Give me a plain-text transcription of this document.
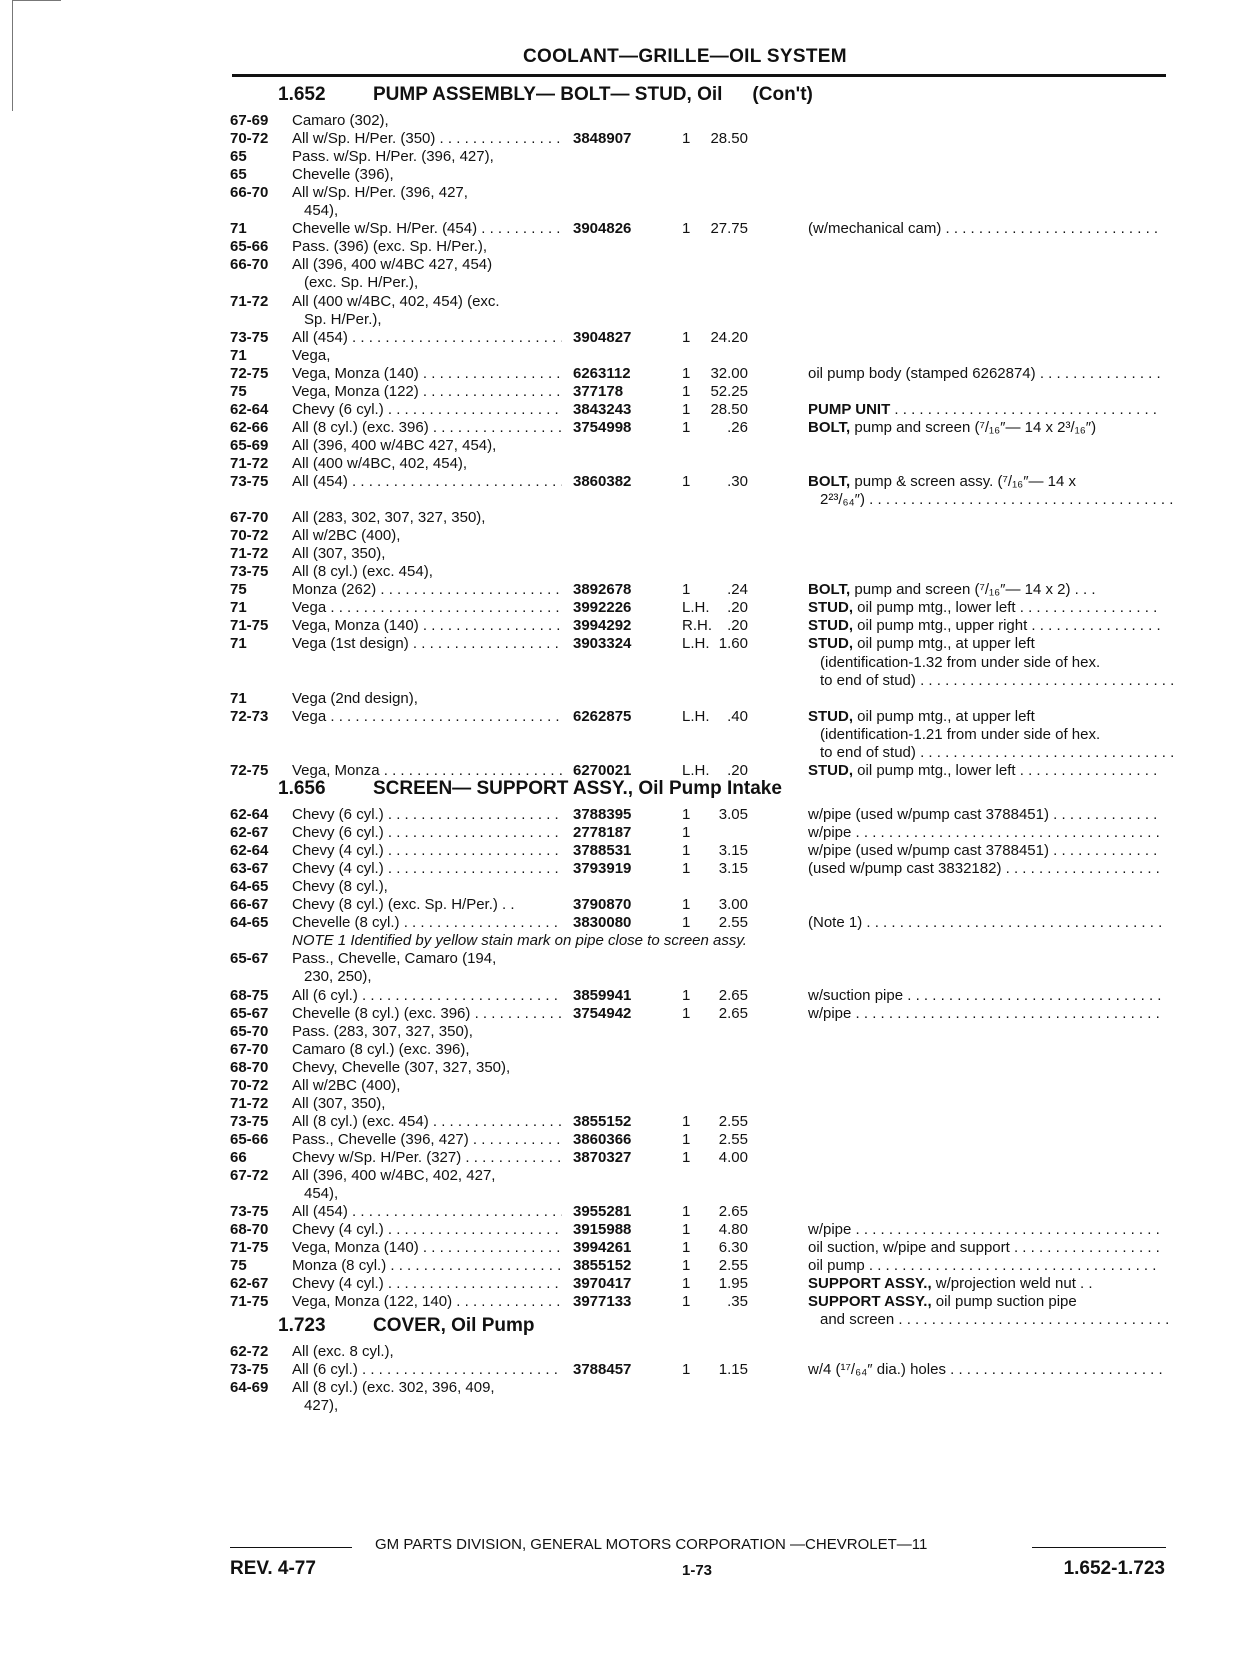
COOLANT—GRILLE—OIL SYSTEM
1.652 PUMP ASSEMBLY— BOLT— STUD, Oil (Con't)
67-69 Camaro (302),
70-72 All w/Sp. H/Per. (350) . . .	3848907	1 28.50
65	Pass. w/Sp. H/Per. (396, 427),
65	Chevelle (396),
66-70 All w/Sp. H/Per. (396, 427,
454),
71	Chevelle w/Sp. H/Per. (454) . . .	3904826	1 27.75	(w/mechanical cam) . . .
65-66 Pass. (396) (exc. Sp. H/Per.),
66-70 All (396, 400 w/4BC 427, 454)
(exc. Sp. H/Per.),
71-72 All (400 w/4BC, 402, 454) (exc.
Sp. H/Per.),
73-75 All (454) . . .	3904827	1 24.20
71	Vega,
72-75 Vega, Monza (140) . . .	6263112	1 32.00	oil pump body (stamped 6262874) . . .
75	Vega, Monza (122) . . .	377178	1 52.25
62-64 Chevy (6 cyl.) . . .	3843243	1 28.50	PUMP UNIT . . .
62-66 All (8 cyl.) (exc. 396) . . .	3754998	1 .26	BOLT, pump and screen (⁷/₁₆″— 14 x 2³/₁₆″)
65-69 All (396, 400 w/4BC 427, 454),
71-72 All (400 w/4BC, 402, 454),
73-75 All (454) . . .	3860382	1 .30	BOLT, pump & screen assy. (⁷/₁₆″— 14 x
2²³/₆₄″) . . .
67-70 All (283, 302, 307, 327, 350),
70-72 All w/2BC (400),
71-72 All (307, 350),
73-75 All (8 cyl.) (exc. 454),
75	Monza (262) . . .	3892678	1 .24	BOLT, pump and screen (⁷/₁₆″— 14 x 2) . . .
71	Vega . . .	3992226	L.H. .20	STUD, oil pump mtg., lower left . . .
71-75 Vega, Monza (140) . . .	3994292	R.H. .20	STUD, oil pump mtg., upper right . . .
71	Vega (1st design) . . .	3903324	L.H. 1.60	STUD, oil pump mtg., at upper left
(identification-1.32 from under side of hex.
to end of stud) . . .
71	Vega (2nd design),
72-73 Vega . . .	6262875	L.H. .40	STUD, oil pump mtg., at upper left
(identification-1.21 from under side of hex.
to end of stud) . . .
72-75 Vega, Monza . . .	6270021	L.H. .20	STUD, oil pump mtg., lower left . . .
1.656 SCREEN— SUPPORT ASSY., Oil Pump Intake
62-64 Chevy (6 cyl.) . . .	3788395	1 3.05	w/pipe (used w/pump cast 3788451) . . .
62-67 Chevy (6 cyl.) . . .	2778187	1	w/pipe . . .
62-64 Chevy (4 cyl.) . . .	3788531	1 3.15	w/pipe (used w/pump cast 3788451) . . .
63-67 Chevy (4 cyl.) . . .	3793919	1 3.15	(used w/pump cast 3832182) . . .
64-65 Chevy (8 cyl.),
66-67 Chevy (8 cyl.) (exc. Sp. H/Per.) . .	3790870	1 3.00
64-65 Chevelle (8 cyl.) . . .	3830080	1 2.55	(Note 1) . . .
NOTE 1 Identified by yellow stain mark on pipe close to screen assy.
65-67 Pass., Chevelle, Camaro (194,
230, 250),
68-75 All (6 cyl.) . . .	3859941	1 2.65	w/suction pipe . . .
65-67 Chevelle (8 cyl.) (exc. 396) . . .	3754942	1 2.65	w/pipe . . .
65-70 Pass. (283, 307, 327, 350),
67-70 Camaro (8 cyl.) (exc. 396),
68-70 Chevy, Chevelle (307, 327, 350),
70-72 All w/2BC (400),
71-72 All (307, 350),
73-75 All (8 cyl.) (exc. 454) . . .	3855152	1 2.55
65-66 Pass., Chevelle (396, 427) . . .	3860366	1 2.55
66	Chevy w/Sp. H/Per. (327) . . .	3870327	1 4.00
67-72 All (396, 400 w/4BC, 402, 427,
454),
73-75 All (454) . . .	3955281	1 2.65
68-70 Chevy (4 cyl.) . . .	3915988	1 4.80	w/pipe . . .
71-75 Vega, Monza (140) . . .	3994261	1 6.30	oil suction, w/pipe and support . . .
75	Monza (8 cyl.) . . .	3855152	1 2.55	oil pump . . .
62-67 Chevy (4 cyl.) . . .	3970417	1 1.95	SUPPORT ASSY., w/projection weld nut . .
71-75 Vega, Monza (122, 140) . . .	3977133	1 .35	SUPPORT ASSY., oil pump suction pipe
and screen . . .
1.723 COVER, Oil Pump
62-72 All (exc. 8 cyl.),
73-75 All (6 cyl.) . . .	3788457	1 1.15	w/4 (¹⁷/₆₄″ dia.) holes . . .
64-69 All (8 cyl.) (exc. 302, 396, 409,
427),
GM PARTS DIVISION, GENERAL MOTORS CORPORATION —CHEVROLET—11
REV. 4-77	1-73	1.652-1.723
